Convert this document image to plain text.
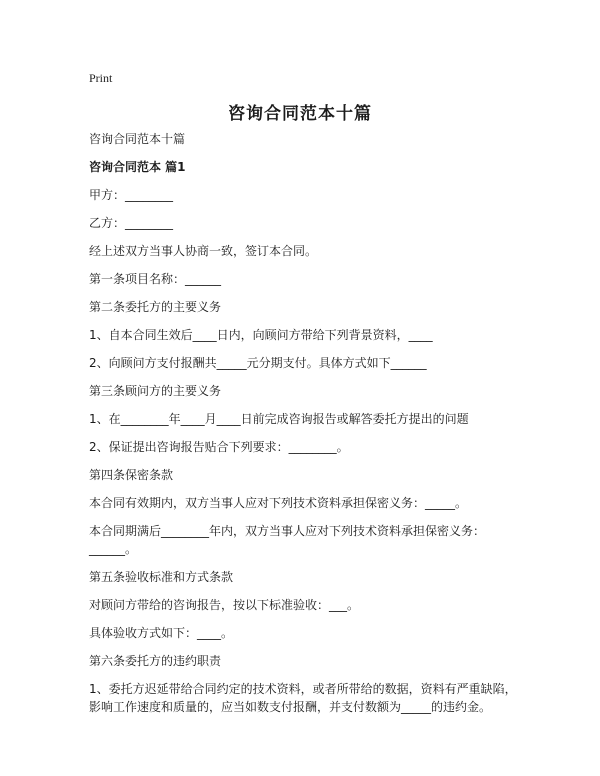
Print
咨询合同范本十篇
咨询合同范本十篇
咨询合同范本 篇1
甲方：________
乙方：________
经上述双方当事人协商一致，签订本合同。
第一条项目名称：______
第二条委托方的主要义务
1、自本合同生效后____日内，向顾问方带给下列背景资料，____
2、向顾问方支付报酬共_____元分期支付。具体方式如下______
第三条顾问方的主要义务
1、在________年____月____日前完成咨询报告或解答委托方提出的问题
2、保证提出咨询报告贴合下列要求：________。
第四条保密条款
本合同有效期内，双方当事人应对下列技术资料承担保密义务：_____。
本合同期满后________年内，双方当事人应对下列技术资料承担保密义务：______。
第五条验收标准和方式条款
对顾问方带给的咨询报告，按以下标准验收：___。
具体验收方式如下：____。
第六条委托方的违约职责
1、委托方迟延带给合同约定的技术资料，或者所带给的数据，资料有严重缺陷，影响工作速度和质量的，应当如数支付报酬，并支付数额为_____的违约金。
